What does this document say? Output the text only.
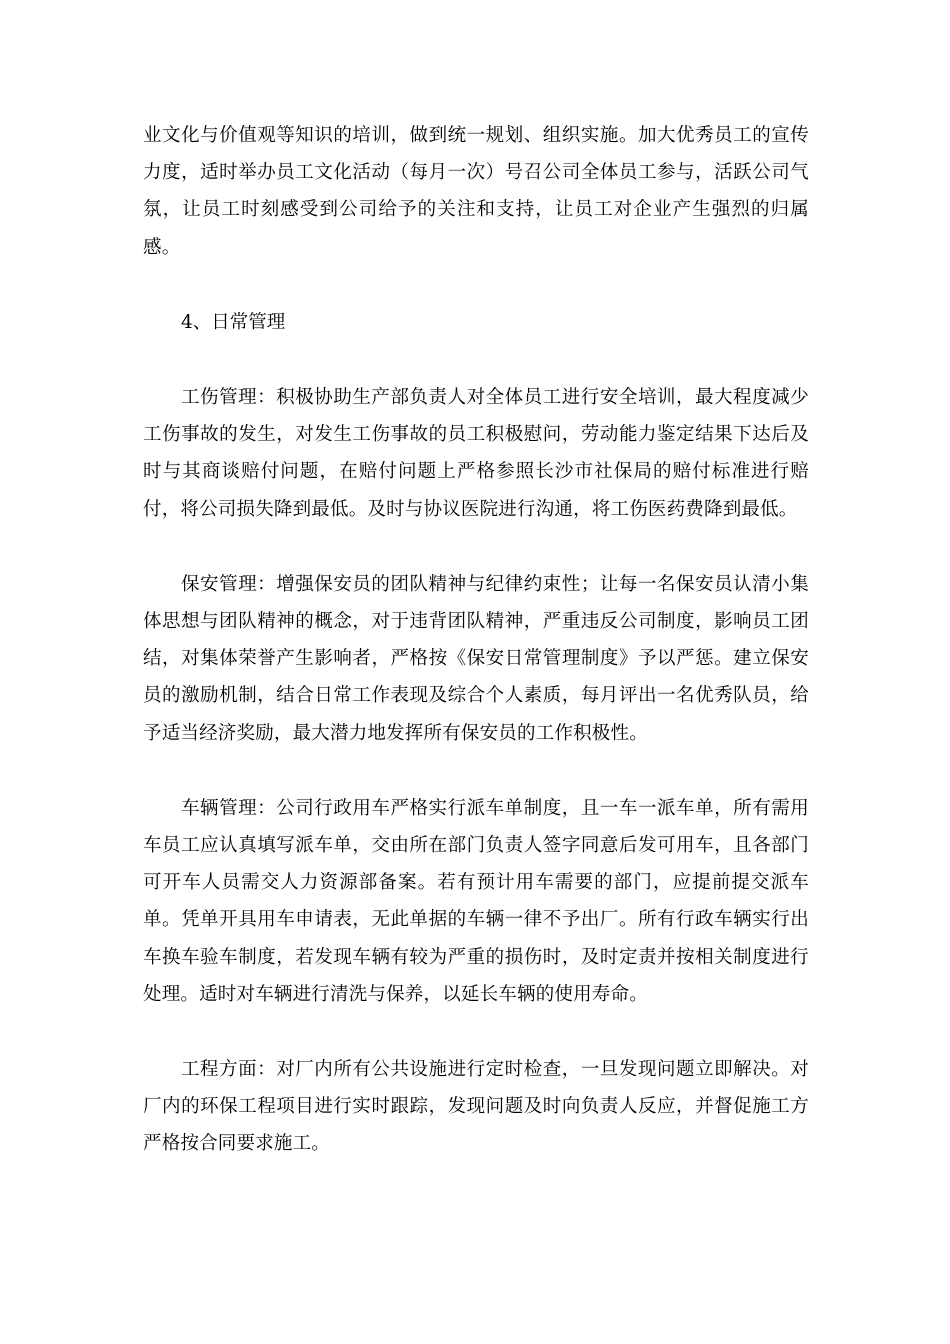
业文化与价值观等知识的培训，做到统一规划、组织实施。加大优秀员工的宣传力度，适时举办员工文化活动（每月一次）号召公司全体员工参与，活跃公司气氛，让员工时刻感受到公司给予的关注和支持，让员工对企业产生强烈的归属感。

4、日常管理

工伤管理：积极协助生产部负责人对全体员工进行安全培训，最大程度减少工伤事故的发生，对发生工伤事故的员工积极慰问，劳动能力鉴定结果下达后及时与其商谈赔付问题，在赔付问题上严格参照长沙市社保局的赔付标准进行赔付，将公司损失降到最低。及时与协议医院进行沟通，将工伤医药费降到最低。

保安管理：增强保安员的团队精神与纪律约束性；让每一名保安员认清小集体思想与团队精神的概念，对于违背团队精神，严重违反公司制度，影响员工团结，对集体荣誉产生影响者，严格按《保安日常管理制度》予以严惩。建立保安员的激励机制，结合日常工作表现及综合个人素质，每月评出一名优秀队员，给予适当经济奖励，最大潜力地发挥所有保安员的工作积极性。

车辆管理：公司行政用车严格实行派车单制度，且一车一派车单，所有需用车员工应认真填写派车单，交由所在部门负责人签字同意后发可用车，且各部门可开车人员需交人力资源部备案。若有预计用车需要的部门，应提前提交派车单。凭单开具用车申请表，无此单据的车辆一律不予出厂。所有行政车辆实行出车换车验车制度，若发现车辆有较为严重的损伤时，及时定责并按相关制度进行处理。适时对车辆进行清洗与保养，以延长车辆的使用寿命。

工程方面：对厂内所有公共设施进行定时检查，一旦发现问题立即解决。对厂内的环保工程项目进行实时跟踪，发现问题及时向负责人反应，并督促施工方严格按合同要求施工。
